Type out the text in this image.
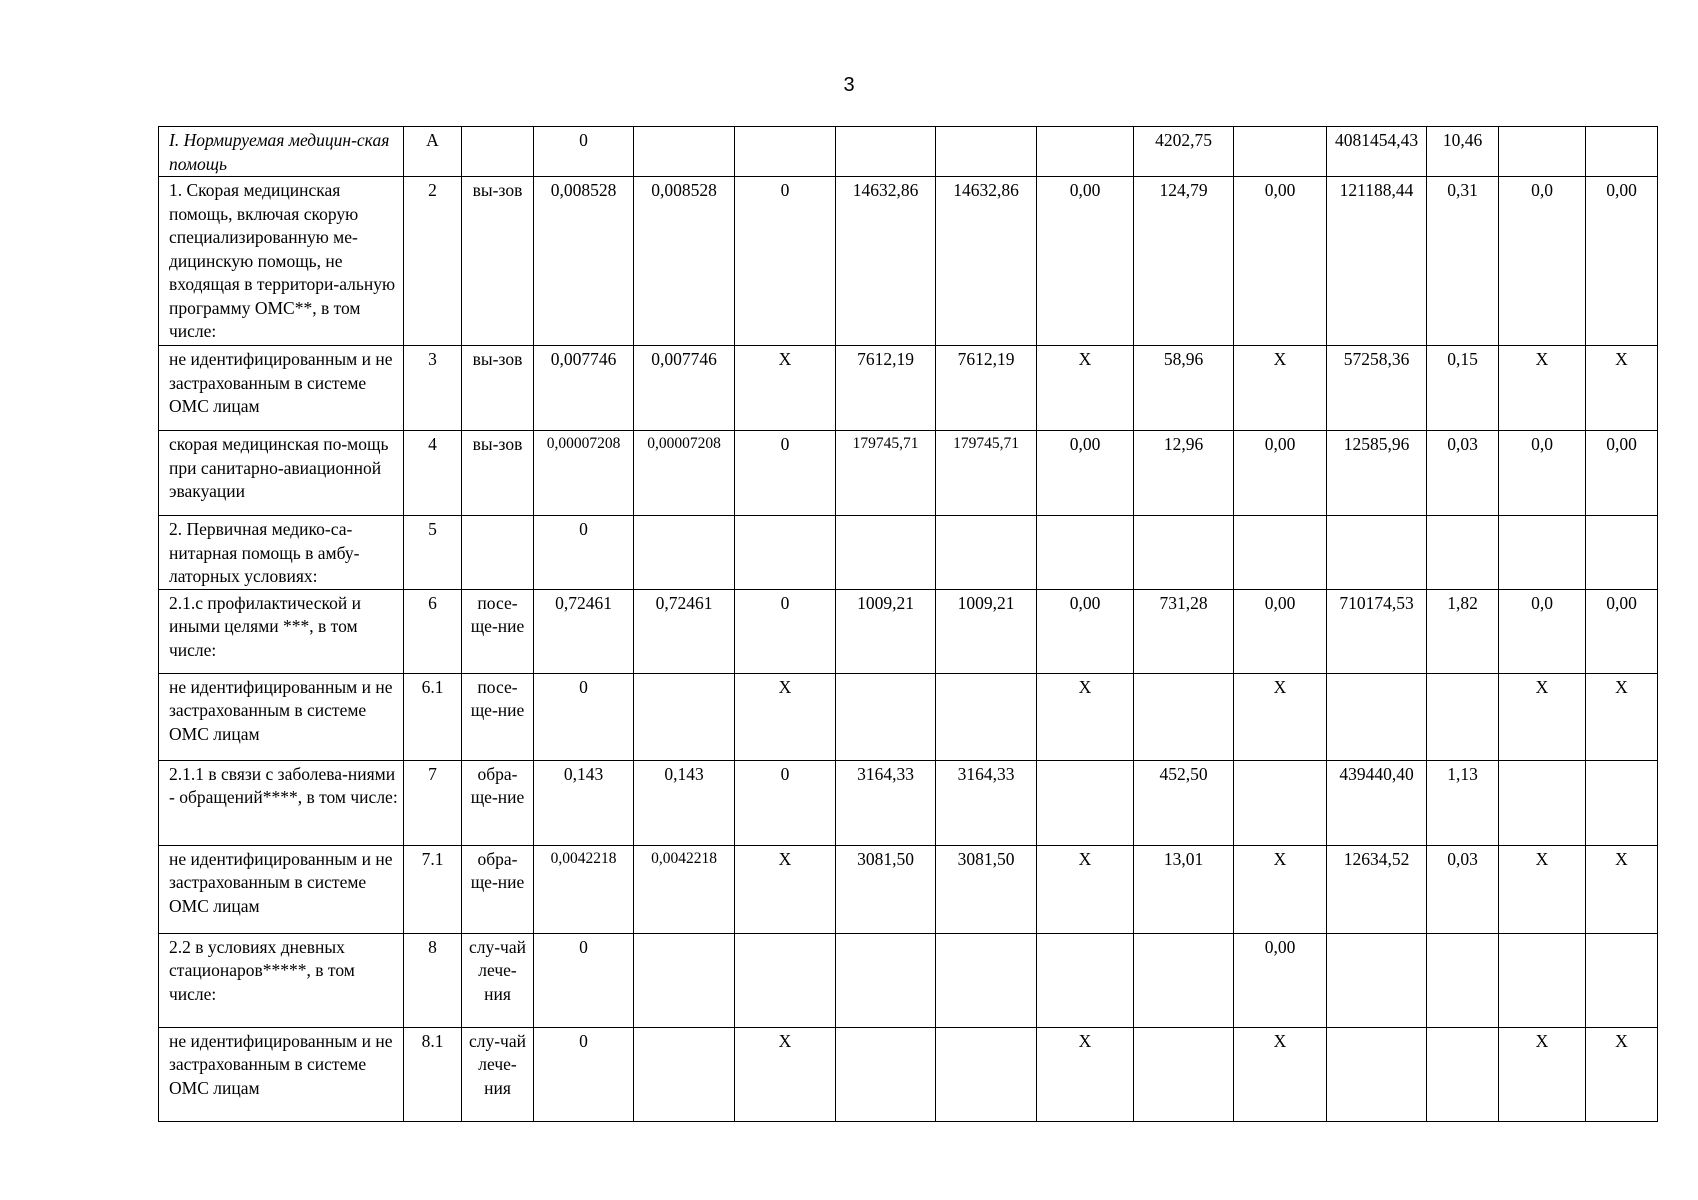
3
I. Нормируемая медицин-ская помощь	А		0						4202,75		4081454,43	10,46		
1. Скорая медицинская помощь, включая скорую специализированную ме-дицинскую помощь, не входящая в территори-альную программу ОМС**, в том числе:	2	вы-зов	0,008528	0,008528	0	14632,86	14632,86	0,00	124,79	0,00	121188,44	0,31	0,0	0,00
не идентифицированным и не застрахованным в системе ОМС лицам	3	вы-зов	0,007746	0,007746	Х	7612,19	7612,19	Х	58,96	Х	57258,36	0,15	Х	Х
скорая медицинская по-мощь при санитарно-авиационной эвакуации	4	вы-зов	0,00007208	0,00007208	0	179745,71	179745,71	0,00	12,96	0,00	12585,96	0,03	0,0	0,00
2. Первичная медико-са-нитарная помощь в амбу-латорных условиях:	5		0											
2.1.с профилактической и иными целями ***, в том числе:	6	посе-ще-ние	0,72461	0,72461	0	1009,21	1009,21	0,00	731,28	0,00	710174,53	1,82	0,0	0,00
не идентифицированным и не застрахованным в системе ОМС лицам	6.1	посе-ще-ние	0		Х			Х		Х			Х	Х
2.1.1 в связи с заболева-ниями - обращений****, в том числе:	7	обра-ще-ние	0,143	0,143	0	3164,33	3164,33		452,50		439440,40	1,13		
не идентифицированным и не застрахованным в системе ОМС лицам	7.1	обра-ще-ние	0,0042218	0,0042218	Х	3081,50	3081,50	Х	13,01	Х	12634,52	0,03	Х	Х
2.2 в условиях дневных стационаров*****, в том числе:	8	слу-чай лече-ния	0							0,00				
не идентифицированным и не застрахованным в системе ОМС лицам	8.1	слу-чай лече-ния	0		Х			Х		Х			Х	Х
